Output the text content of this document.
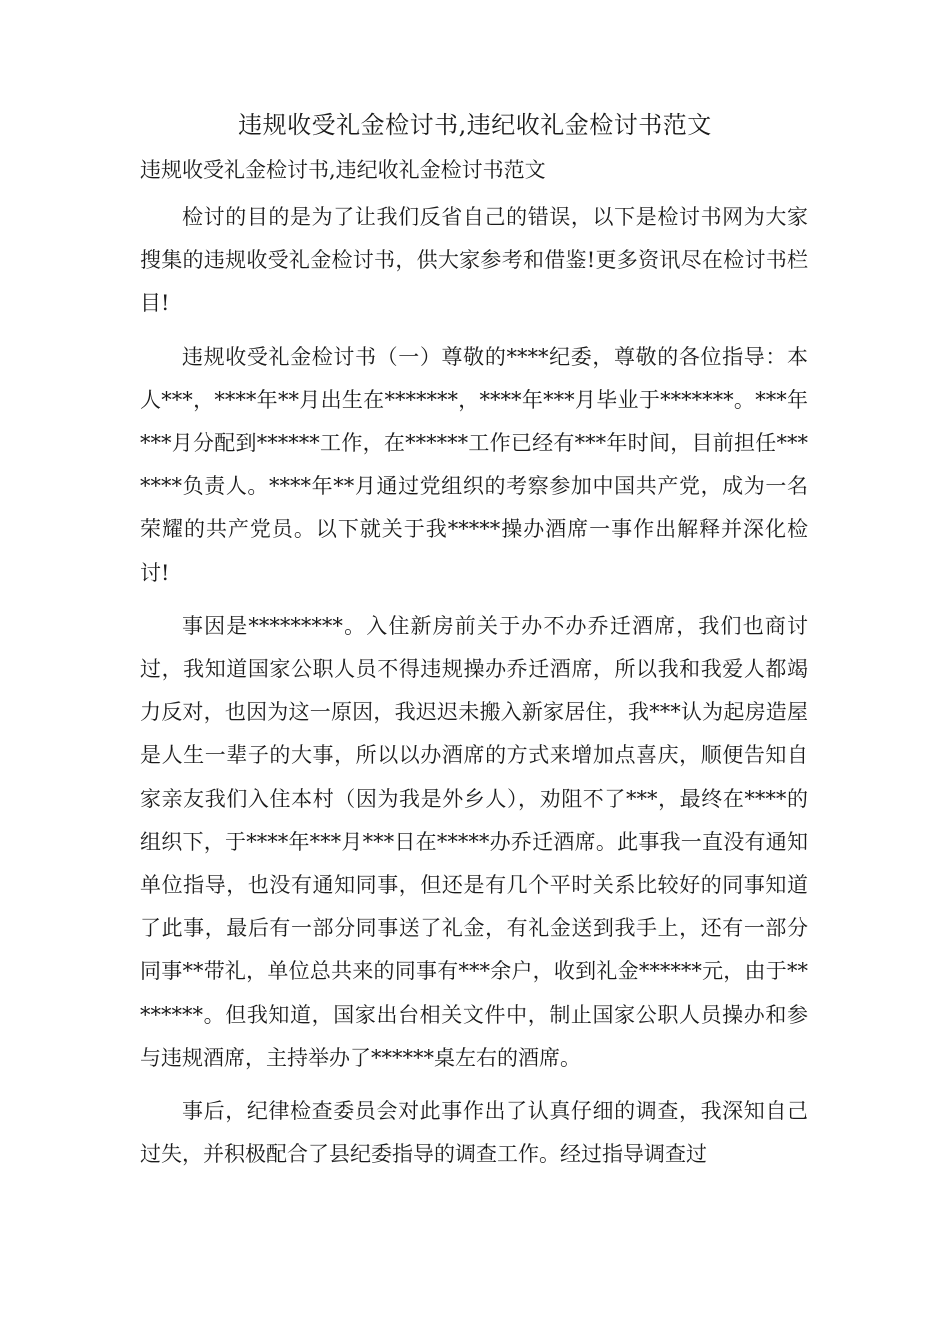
违规收受礼金检讨书,违纪收礼金检讨书范文
违规收受礼金检讨书,违纪收礼金检讨书范文

检讨的目的是为了让我们反省自己的错误，以下是检讨书网为大家搜集的违规收受礼金检讨书，供大家参考和借鉴!更多资讯尽在检讨书栏目!

违规收受礼金检讨书（一）尊敬的****纪委，尊敬的各位指导：本人***，****年**月出生在*******，****年***月毕业于*******。***年***月分配到******工作，在******工作已经有***年时间，目前担任*******负责人。****年**月通过党组织的考察参加中国共产党，成为一名荣耀的共产党员。以下就关于我*****操办酒席一事作出解释并深化检讨!

事因是*********。入住新房前关于办不办乔迁酒席，我们也商讨过，我知道国家公职人员不得违规操办乔迁酒席，所以我和我爱人都竭力反对，也因为这一原因，我迟迟未搬入新家居住，我***认为起房造屋是人生一辈子的大事，所以以办酒席的方式来增加点喜庆，顺便告知自家亲友我们入住本村（因为我是外乡人），劝阻不了***，最终在****的组织下，于****年***月***日在*****办乔迁酒席。此事我一直没有通知单位指导，也没有通知同事，但还是有几个平时关系比较好的同事知道了此事，最后有一部分同事送了礼金，有礼金送到我手上，还有一部分同事**带礼，单位总共来的同事有***余户，收到礼金******元，由于********。但我知道，国家出台相关文件中，制止国家公职人员操办和参与违规酒席，主持举办了******桌左右的酒席。

事后，纪律检查委员会对此事作出了认真仔细的调查，我深知自己过失，并积极配合了县纪委指导的调查工作。经过指导调查过
